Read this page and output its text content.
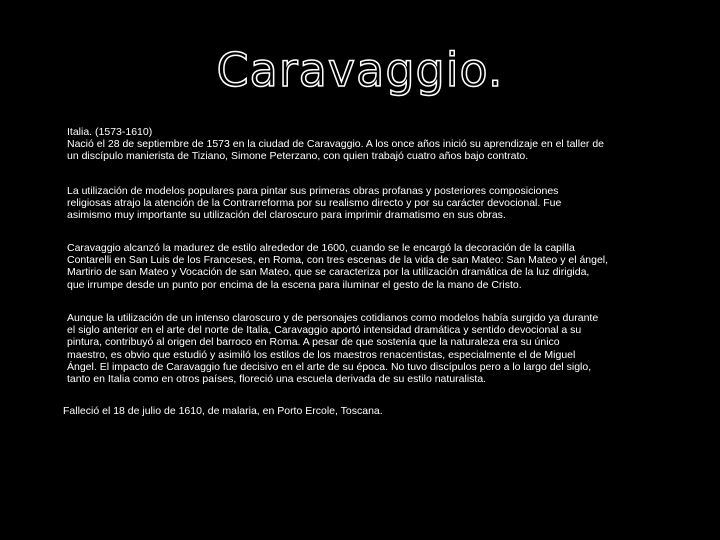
Caravaggio.
Italia. (1573-1610)
Nació el 28 de septiembre de 1573 en la ciudad de Caravaggio. A los once años inició su aprendizaje en el taller de
un discípulo manierista de Tiziano, Simone Peterzano, con quien trabajó cuatro años bajo contrato.
La utilización de modelos populares para pintar sus primeras obras profanas y posteriores composiciones
religiosas atrajo la atención de la Contrarreforma por su realismo directo y por su carácter devocional. Fue
asimismo muy importante su utilización del claroscuro para imprimir dramatismo en sus obras.
Caravaggio alcanzó la madurez de estilo alrededor de 1600, cuando se le encargó la decoración de la capilla
Contarelli en San Luis de los Franceses, en Roma, con tres escenas de la vida de san Mateo: San Mateo y el ángel,
Martirio de san Mateo y Vocación de san Mateo, que se caracteriza por la utilización dramática de la luz dirigida,
que irrumpe desde un punto por encima de la escena para iluminar el gesto de la mano de Cristo.
Aunque la utilización de un intenso claroscuro y de personajes cotidianos como modelos había surgido ya durante
el siglo anterior en el arte del norte de Italia, Caravaggio aportó intensidad dramática y sentido devocional a su
pintura, contribuyó al origen del barroco en Roma. A pesar de que sostenía que la naturaleza era su único
maestro, es obvio que estudió y asimiló los estilos de los maestros renacentistas, especialmente el de Miguel
Ángel. El impacto de Caravaggio fue decisivo en el arte de su época. No tuvo discípulos pero a lo largo del siglo,
tanto en Italia como en otros países, floreció una escuela derivada de su estilo naturalista.
Falleció el 18 de julio de 1610, de malaria, en Porto Ercole, Toscana.
